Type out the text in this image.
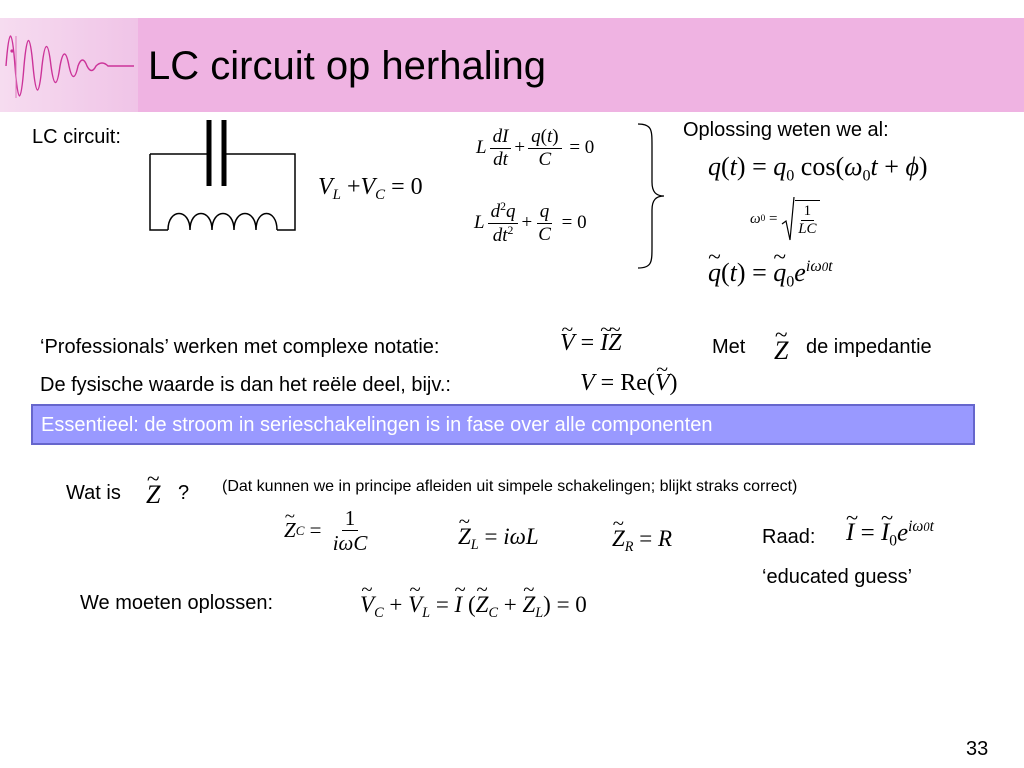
LC circuit op herhaling
LC circuit:
$V_L +V_C = 0$
L $\frac{dI}{dt} + \frac{q(t)}{C} = 0$
L $\frac{d^2q}{dt^2} + \frac{q}{C} = 0$
Oplossing weten we al:
$q(t) = q_0$ $\cos(\omega_0t + \phi)$
ω $0 = \frac{1}{LC}$
~ q(t) = ~ $q_0e^{i\omega 0t}$
‘Professionals’ werken met complexe notatie:	~ V = ~ I~ Z	Met ~ Z de impedantie
De fysische waarde is dan het reële deel, bijv.:	V = Re(~ V)
Essentieel: de stroom in serieschakelingen is in fase over alle componenten
Wat is ~ Z ? (Dat kunnen we in principe afleiden uit simpele schakelingen; blijkt straks correct)
~ Z $C = \frac{1}{\text{iωC}}$	~ $Z_L = i\omega L$	~ $Z_R = R$	Raad: ~ I = ~ $I_0e^{i\omega 0t}$
‘educated guess’
We moeten oplossen:	~ $V_C$ + ~ $V_L$ = ~ I (~ $Z_C$ + ~ $Z_L) = 0$
33
